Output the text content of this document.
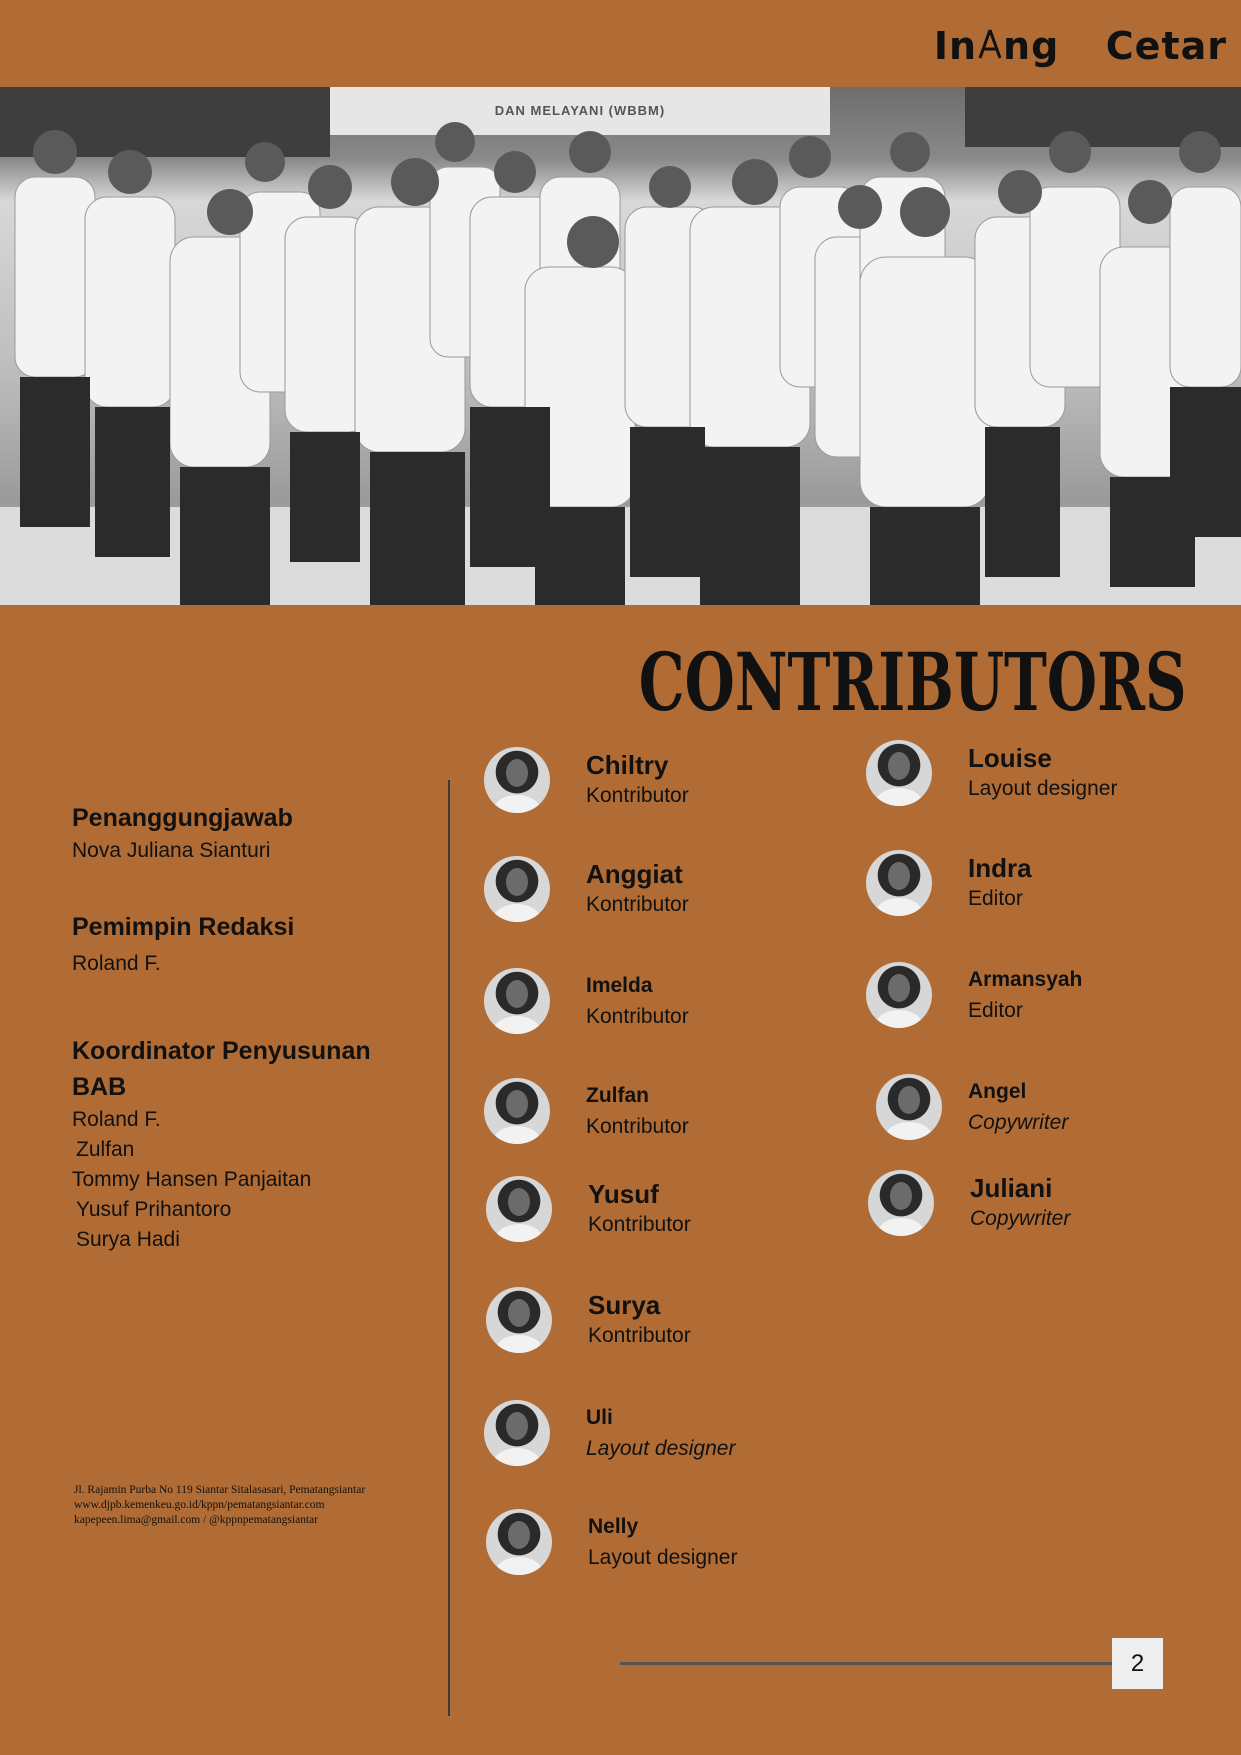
In ng Cetar
DAN MELAYANI (WBBM)
CONTRIBUTORS
Penanggungjawab
Nova Juliana Sianturi
Pemimpin Redaksi
Roland F.
Koordinator Penyusunan BAB
Roland F.
Zulfan
Tommy Hansen Panjaitan
Yusuf Prihantoro
Surya Hadi
Jl. Rajamin Purba No 119 Siantar Sitalasasari, Pematangsiantar
www.djpb.kemenkeu.go.id/kppn/pematangsiantar.com
kapepeen.lima@gmail.com / @kppnpematangsiantar
Chiltry
Kontributor
Anggiat
Kontributor
Imelda
Kontributor
Zulfan
Kontributor
Yusuf
Kontributor
Surya
Kontributor
Uli
Layout designer
Nelly
Layout designer
Louise
Layout designer
Indra
Editor
Armansyah
Editor
Angel
Copywriter
Juliani
Copywriter
2
